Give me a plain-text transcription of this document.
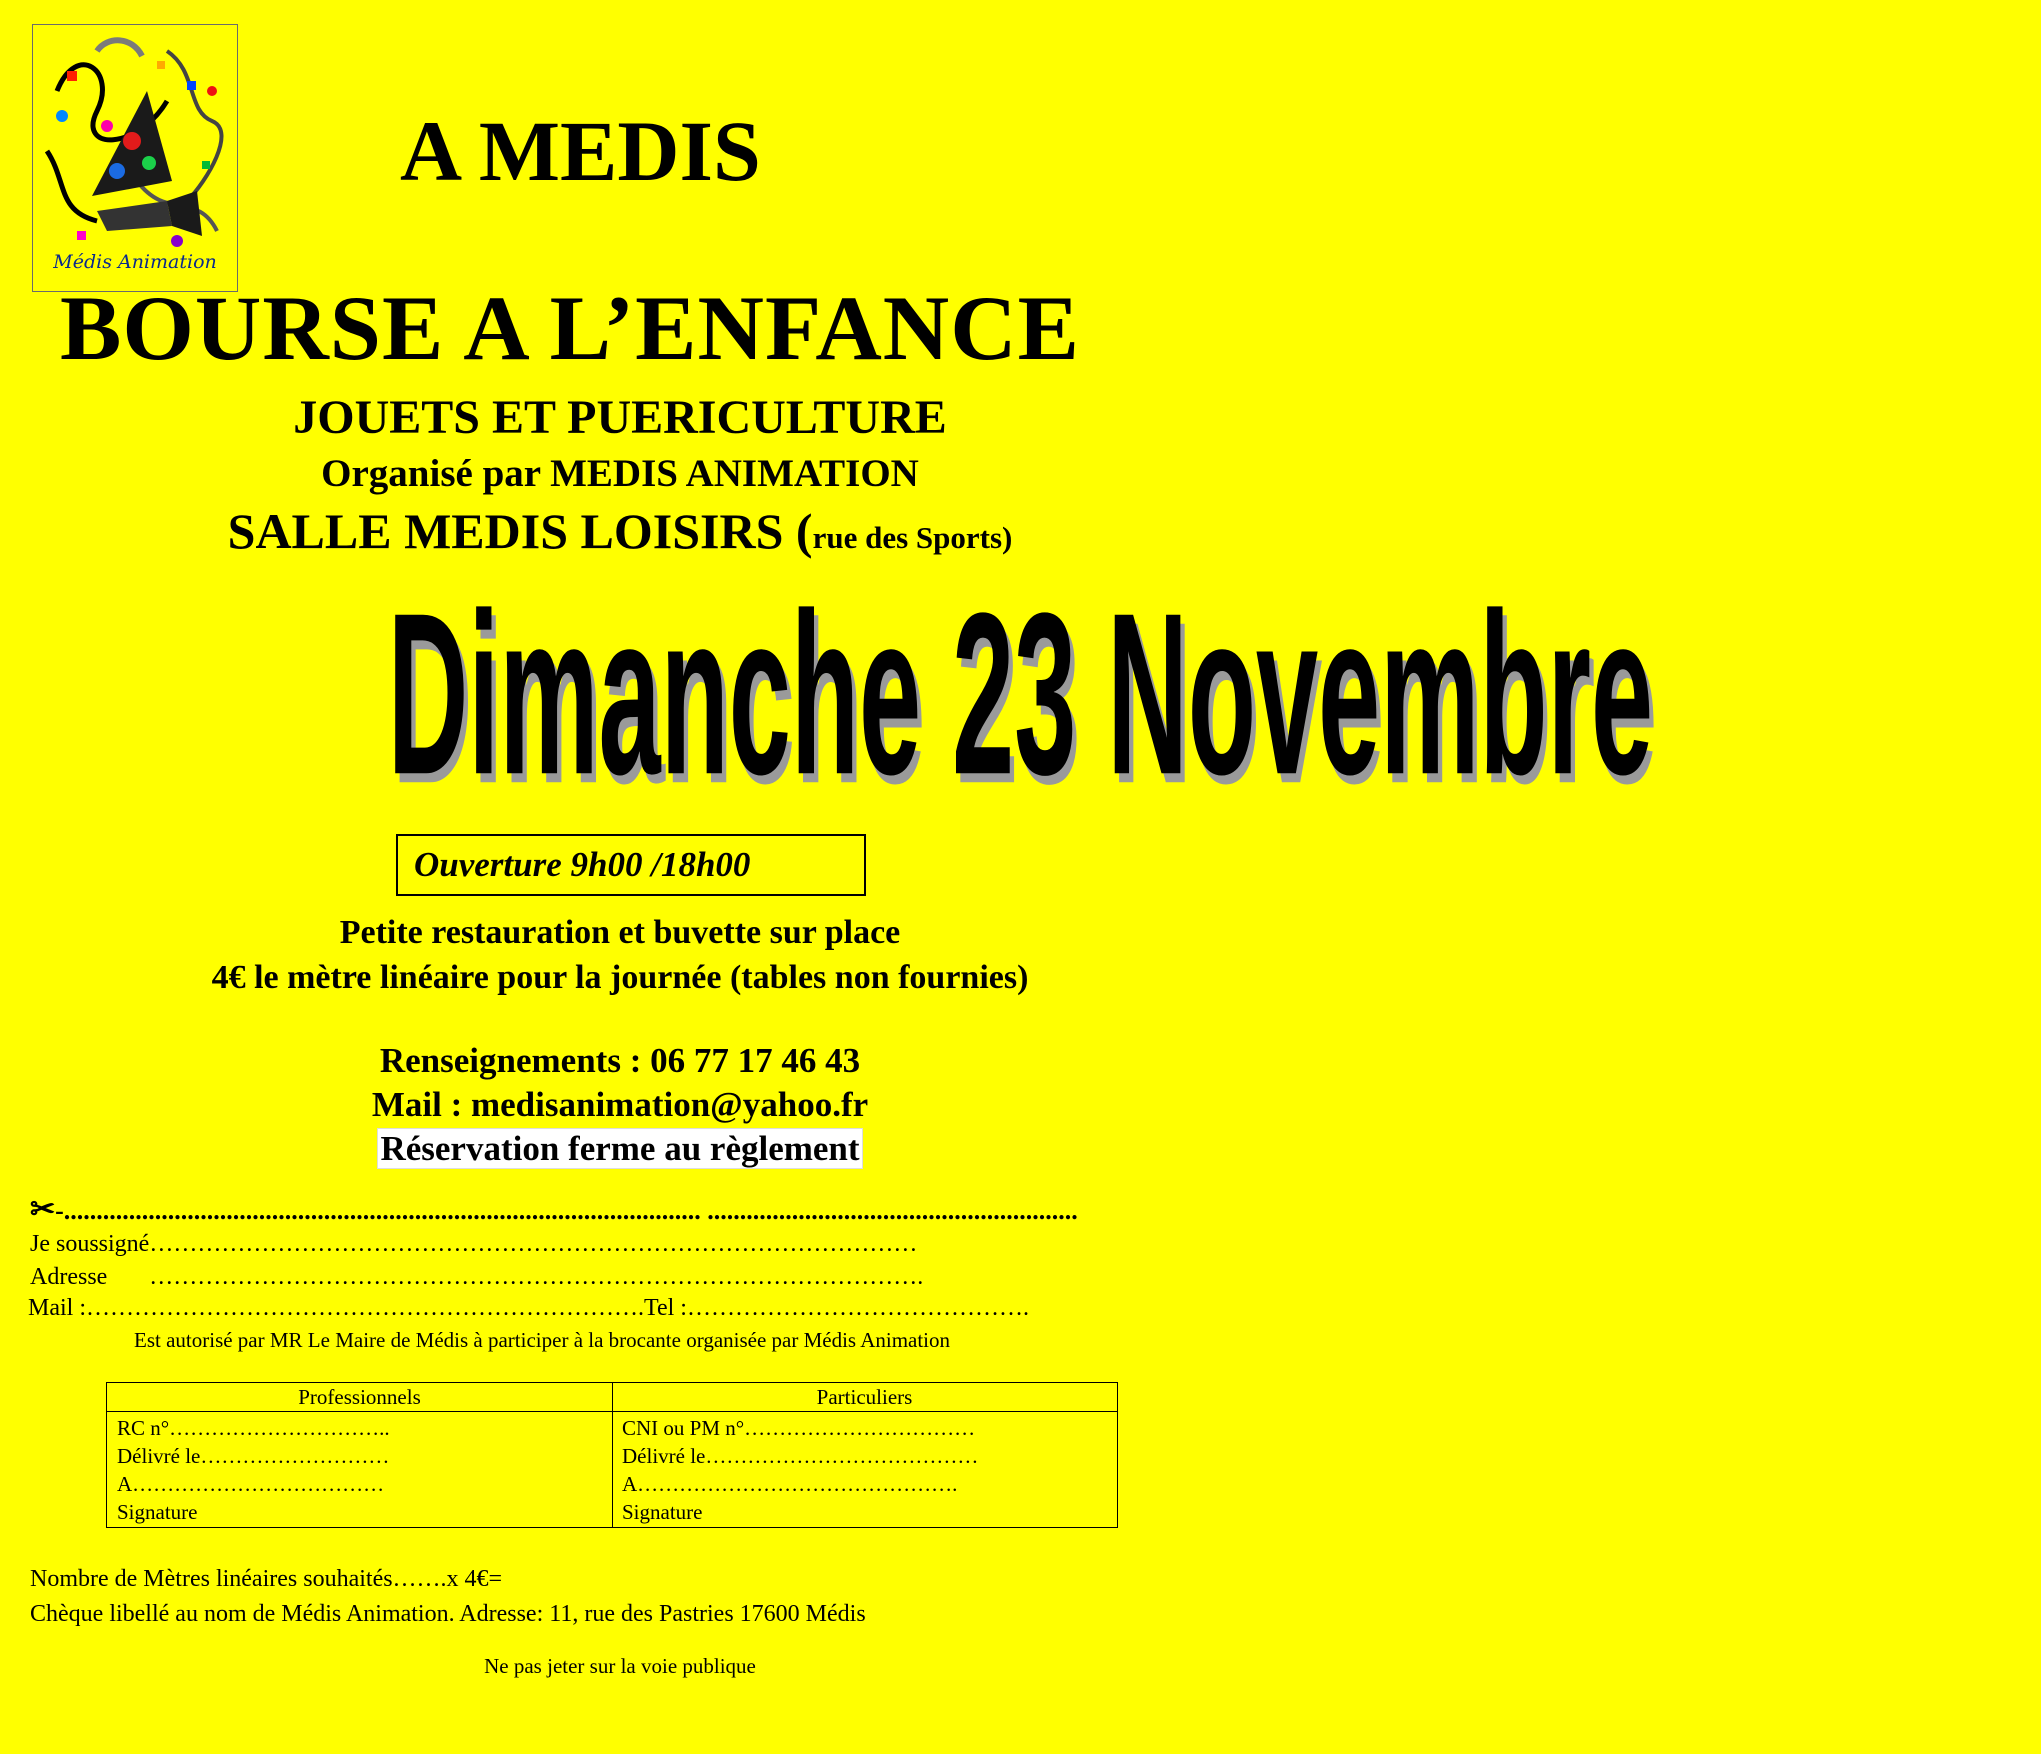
Médis Animation
A MEDIS
BOURSE A L’ENFANCE
JOUETS ET PUERICULTURE
Organisé par MEDIS ANIMATION
SALLE MEDIS LOISIRS (rue des Sports)
Dimanche 23 Novembre
Ouverture 9h00 /18h00
Petite restauration et buvette sur place
4€ le mètre linéaire pour la journée (tables non fournies)
Renseignements : 06 77 17 46 43
Mail : medisanimation@yahoo.fr
Réservation ferme au règlement
✂-.................................................................................................. .........................................................
Je soussigné……………………………………………………………………………………
Adresse       …………………………………………………………………………………….
Mail :…………………………………………………………….Tel :…………………………………….
Est autorisé par MR Le Maire de Médis à participer à la brocante organisée par Médis Animation
Professionnels
RC n°…………………………..
Délivré le………………………
A………………………………
Signature
Particuliers
CNI ou PM n°……………………………
Délivré le…………………………………
A……………………………………….
Signature
Nombre de Mètres linéaires souhaités…….x 4€=
Chèque libellé au nom de Médis Animation. Adresse: 11, rue des Pastries 17600 Médis
Ne pas jeter sur la voie publique
